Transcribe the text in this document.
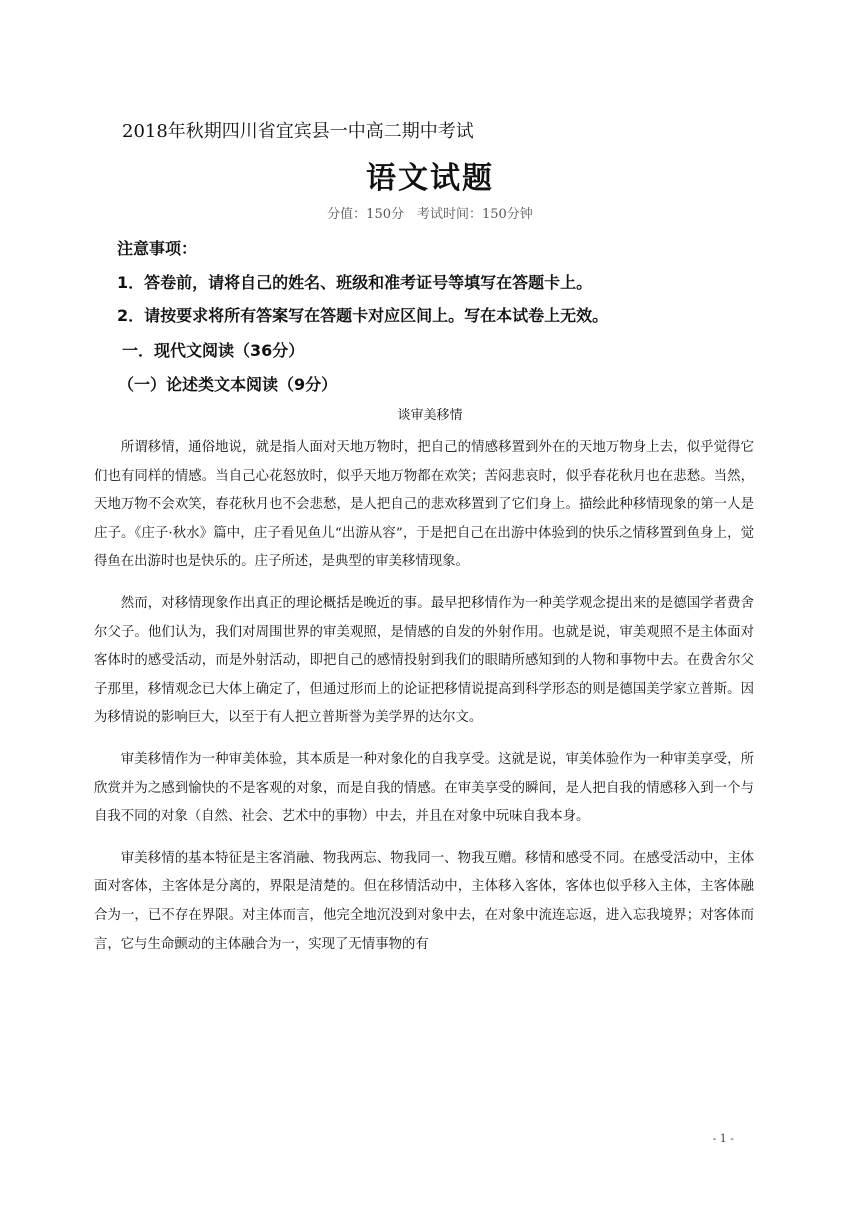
2018年秋期四川省宜宾县一中高二期中考试
语文试题
分值：150分　考试时间：150分钟
注意事项：
1．答卷前，请将自己的姓名、班级和准考证号等填写在答题卡上。
2．请按要求将所有答案写在答题卡对应区间上。写在本试卷上无效。
一．现代文阅读（36分）
（一）论述类文本阅读（9分）
谈审美移情

所谓移情，通俗地说，就是指人面对天地万物时，把自己的情感移置到外在的天地万物身上去，似乎觉得它们也有同样的情感。当自己心花怒放时，似乎天地万物都在欢笑；苦闷悲哀时，似乎春花秋月也在悲愁。当然，天地万物不会欢笑，春花秋月也不会悲愁，是人把自己的悲欢移置到了它们身上。描绘此种移情现象的第一人是庄子。《庄子·秋水》篇中，庄子看见鱼儿“出游从容”，于是把自己在出游中体验到的快乐之情移置到鱼身上，觉得鱼在出游时也是快乐的。庄子所述，是典型的审美移情现象。

然而，对移情现象作出真正的理论概括是晚近的事。最早把移情作为一种美学观念提出来的是德国学者费舍尔父子。他们认为，我们对周围世界的审美观照，是情感的自发的外射作用。也就是说，审美观照不是主体面对客体时的感受活动，而是外射活动，即把自己的感情投射到我们的眼睛所感知到的人物和事物中去。在费舍尔父子那里，移情观念已大体上确定了，但通过形而上的论证把移情说提高到科学形态的则是德国美学家立普斯。因为移情说的影响巨大，以至于有人把立普斯誉为美学界的达尔文。

审美移情作为一种审美体验，其本质是一种对象化的自我享受。这就是说，审美体验作为一种审美享受，所欣赏并为之感到愉快的不是客观的对象，而是自我的情感。在审美享受的瞬间，是人把自我的情感移入到一个与自我不同的对象（自然、社会、艺术中的事物）中去，并且在对象中玩味自我本身。

审美移情的基本特征是主客消融、物我两忘、物我同一、物我互赠。移情和感受不同。在感受活动中，主体面对客体，主客体是分离的，界限是清楚的。但在移情活动中，主体移入客体，客体也似乎移入主体，主客体融合为一，已不存在界限。对主体而言，他完全地沉没到对象中去，在对象中流连忘返，进入忘我境界；对客体而言，它与生命颤动的主体融合为一，实现了无情事物的有

- 1 -
